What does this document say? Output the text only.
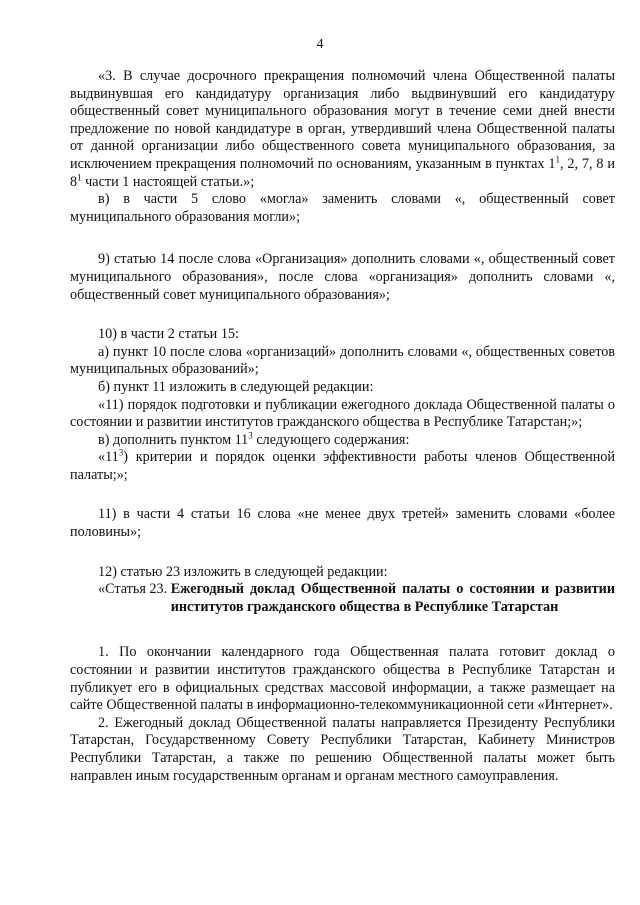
4

«3. В случае досрочного прекращения полномочий члена Общественной палаты выдвинувшая его кандидатуру организация либо выдвинувший его кандидатуру общественный совет муниципального образования могут в течение семи дней внести предложение по новой кандидатуре в орган, утвердивший члена Общественной палаты от данной организации либо общественного совета муниципального образования, за исключением прекращения полномочий по основаниям, указанным в пунктах $1^1$, 2, 7, 8 и $8^1$ части 1 настоящей статьи.»;

в) в части 5 слово «могла» заменить словами «, общественный совет муниципального образования могли»;

9) статью 14 после слова «Организация» дополнить словами «, общественный совет муниципального образования», после слова «организация» дополнить словами «, общественный совет муниципального образования»;

10) в части 2 статьи 15:

а) пункт 10 после слова «организаций» дополнить словами «, общественных советов муниципальных образований»;

б) пункт 11 изложить в следующей редакции:

«11) порядок подготовки и публикации ежегодного доклада Общественной палаты о состоянии и развитии институтов гражданского общества в Республике Татарстан;»;

в) дополнить пунктом $11^3$ следующего содержания:

«$11^3$) критерии и порядок оценки эффективности работы членов Общественной палаты;»;

11) в части 4 статьи 16 слова «не менее двух третей» заменить словами «более половины»;

12) статью 23 изложить в следующей редакции:

«Статья 23. Ежегодный доклад Общественной палаты о состоянии и развитии институтов гражданского общества в Республике Татарстан

1. По окончании календарного года Общественная палата готовит доклад о состоянии и развитии институтов гражданского общества в Республике Татарстан и публикует его в официальных средствах массовой информации, а также размещает на сайте Общественной палаты в информационно-телекоммуникационной сети «Интернет».

2. Ежегодный доклад Общественной палаты направляется Президенту Республики Татарстан, Государственному Совету Республики Татарстан, Кабинету Министров Республики Татарстан, а также по решению Общественной палаты может быть направлен иным государственным органам и органам местного самоуправления.
